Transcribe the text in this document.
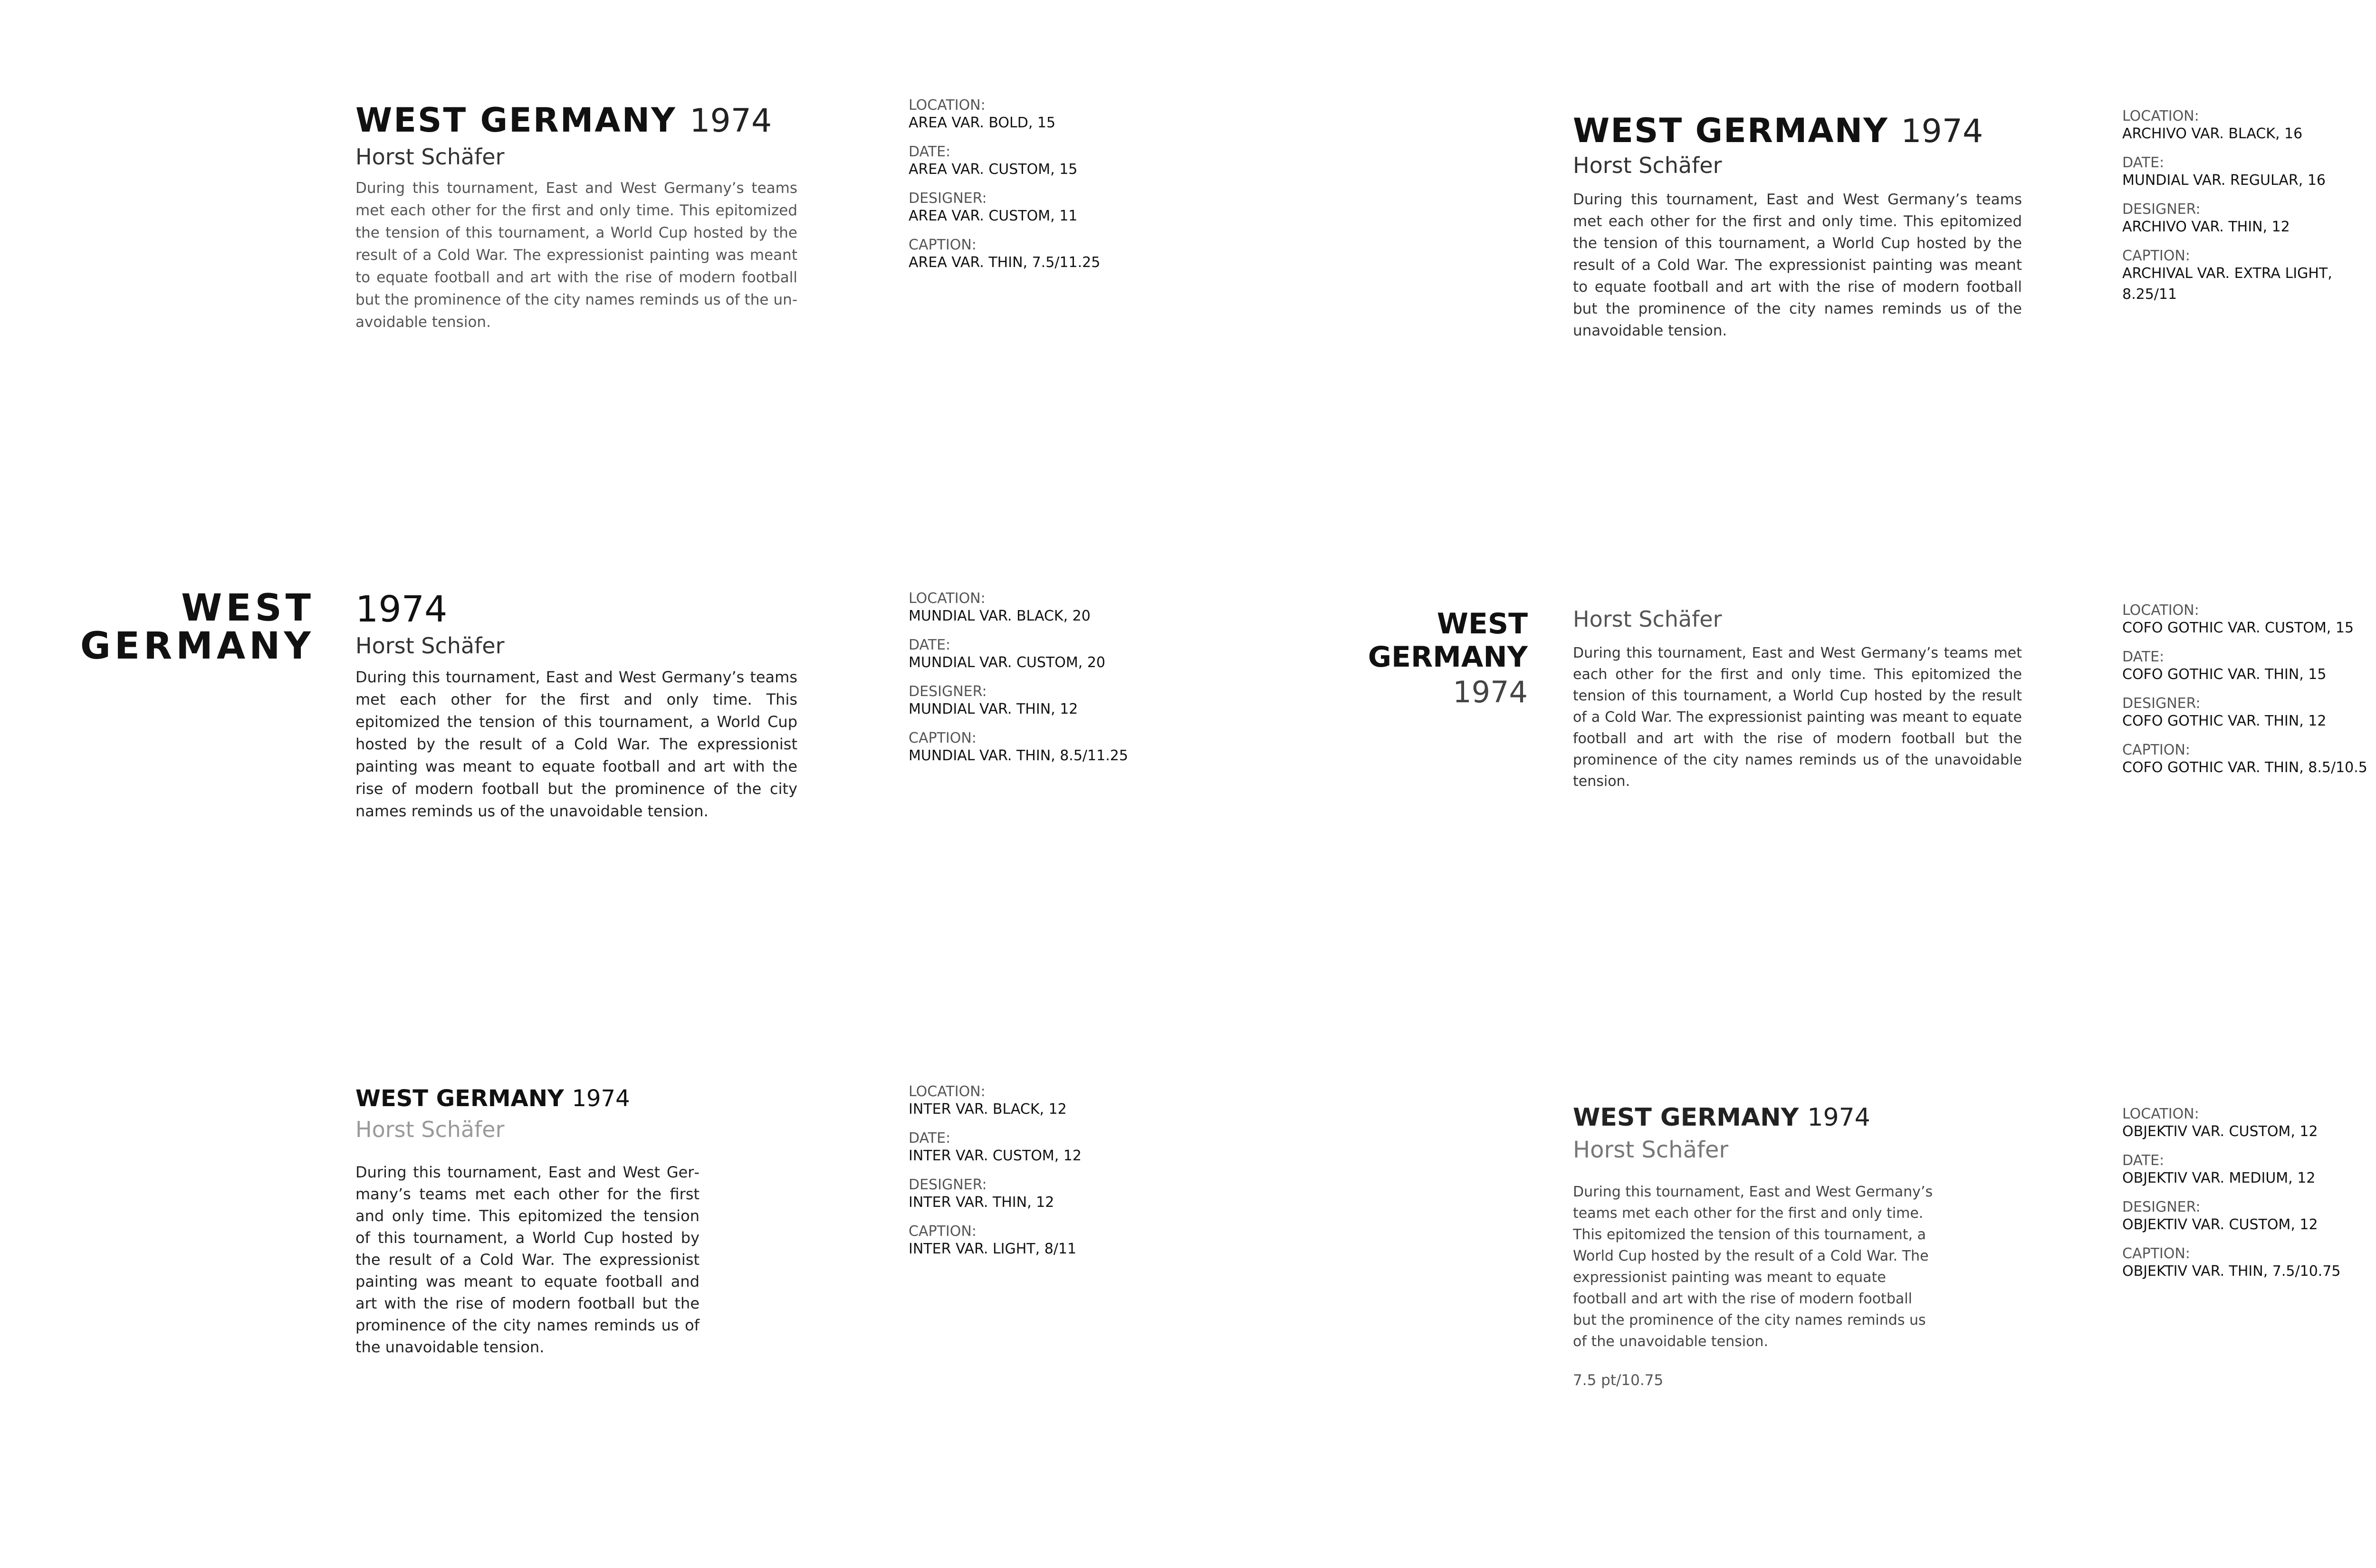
WEST GERMANY 1974
Horst Schäfer

During this tournament, East and West Germany’s teams met each other for the first and only time. This epitomized the tension of this tournament, a World Cup hosted by the result of a Cold War. The expressionist painting was meant to equate football and art with the rise of modern football but the prominence of the city names reminds us of the unavoidable tension.

LOCATION:
AREA VAR. BOLD, 15
DATE:
AREA VAR. CUSTOM, 15
DESIGNER:
AREA VAR. CUSTOM, 11
CAPTION:
AREA VAR. THIN, 7.5/11.25
WEST GERMANY 1974
Horst Schäfer

During this tournament, East and West Germany’s teams met each other for the first and only time. This epitomized the tension of this tournament, a World Cup hosted by the result of a Cold War. The expressionist painting was meant to equate football and art with the rise of modern football but the prominence of the city names reminds us of the unavoidable tension.

LOCATION:
ARCHIVO VAR. BLACK, 16
DATE:
MUNDIAL VAR. REGULAR, 16
DESIGNER:
ARCHIVO VAR. THIN, 12
CAPTION:
ARCHIVAL VAR. EXTRA LIGHT, 8.25/11
WEST
GERMANY
1974
Horst Schäfer

During this tournament, East and West Germany’s teams met each other for the first and only time. This epitomized the tension of this tournament, a World Cup hosted by the result of a Cold War. The expressionist painting was meant to equate football and art with the rise of modern football but the prominence of the city names reminds us of the unavoidable tension.

LOCATION:
MUNDIAL VAR. BLACK, 20
DATE:
MUNDIAL VAR. CUSTOM, 20
DESIGNER:
MUNDIAL VAR. THIN, 12
CAPTION:
MUNDIAL VAR. THIN, 8.5/11.25
WEST
GERMANY
1974
Horst Schäfer

During this tournament, East and West Germany’s teams met each other for the first and only time. This epitomized the tension of this tournament, a World Cup hosted by the result of a Cold War. The expressionist painting was meant to equate football and art with the rise of modern football but the prominence of the city names reminds us of the unavoidable tension.

LOCATION:
COFO GOTHIC VAR. CUSTOM, 15
DATE:
COFO GOTHIC VAR. THIN, 15
DESIGNER:
COFO GOTHIC VAR. THIN, 12
CAPTION:
COFO GOTHIC VAR. THIN, 8.5/10.5
WEST GERMANY 1974
Horst Schäfer

During this tournament, East and West Germany’s teams met each other for the first and only time. This epitomized the tension of this tournament, a World Cup hosted by the result of a Cold War. The expressionist painting was meant to equate football and art with the rise of modern football but the prominence of the city names reminds us of the unavoidable tension.

LOCATION:
INTER VAR. BLACK, 12
DATE:
INTER VAR. CUSTOM, 12
DESIGNER:
INTER VAR. THIN, 12
CAPTION:
INTER VAR. LIGHT, 8/11
WEST GERMANY 1974
Horst Schäfer

During this tournament, East and West Germany’s teams met each other for the first and only time. This epitomized the tension of this tournament, a World Cup hosted by the result of a Cold War. The expressionist painting was meant to equate football and art with the rise of modern football but the prominence of the city names reminds us of the unavoidable tension.

7.5 pt/10.75
LOCATION:
OBJEKTIV VAR. CUSTOM, 12
DATE:
OBJEKTIV VAR. MEDIUM, 12
DESIGNER:
OBJEKTIV VAR. CUSTOM, 12
CAPTION:
OBJEKTIV VAR. THIN, 7.5/10.75
